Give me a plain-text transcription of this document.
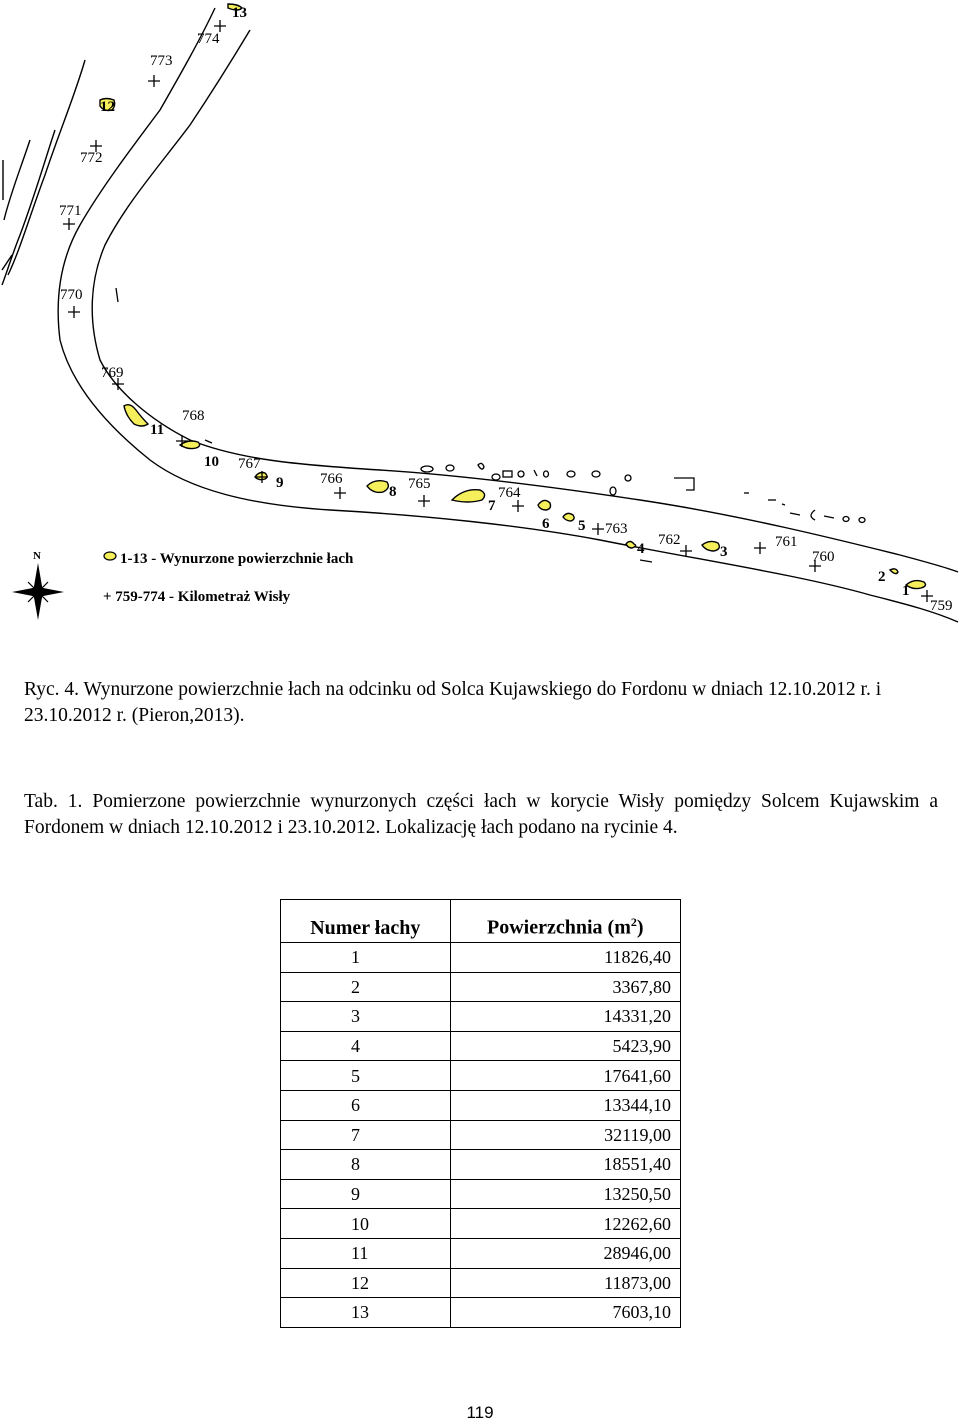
759
760
761
762
763
764
765
766
767
768
769
770
771
772
773
774
1
2
3
4
5
6
7
8
9
10
11
12
13
N	1-13 - Wynurzone powierzchnie łach
+ 759-774 - Kilometraż Wisły

Ryc. 4. Wynurzone powierzchnie łach na odcinku od Solca Kujawskiego do Fordonu w dniach 12.10.2012 r. i 23.10.2012 r. (Pieron,2013).

Tab. 1. Pomierzone powierzchnie wynurzonych części łach w korycie Wisły pomiędzy Solcem Kujawskim a Fordonem w dniach 12.10.2012 i 23.10.2012. Lokalizację łach podano na rycinie 4.

Numer łachy	Powierzchnia $(m^2)$
1	11826,40
2	3367,80
3	14331,20
4	5423,90
5	17641,60
6	13344,10
7	32119,00
8	18551,40
9	13250,50
10	12262,60
11	28946,00
12	11873,00
13	7603,10
119
